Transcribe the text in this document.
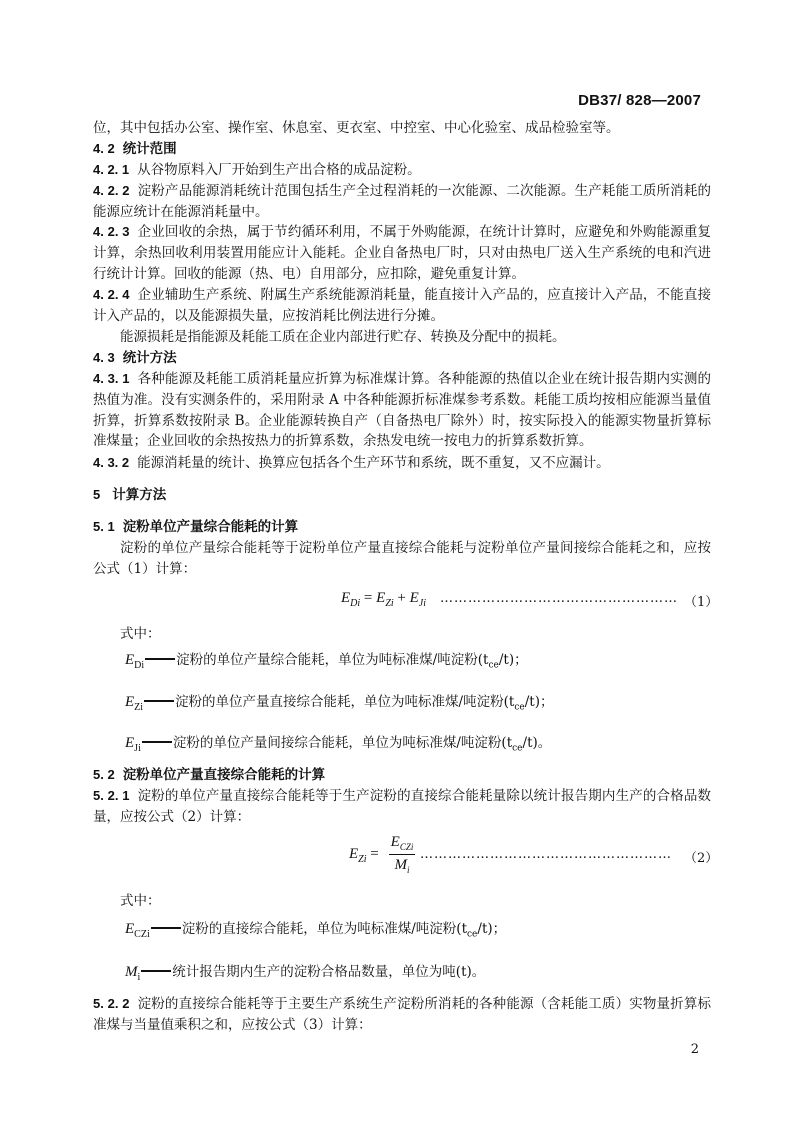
DB37/ 828—2007
位，其中包括办公室、操作室、休息室、更衣室、中控室、中心化验室、成品检验室等。
4. 2 统计范围
4. 2. 1 从谷物原料入厂开始到生产出合格的成品淀粉。
4. 2. 2 淀粉产品能源消耗统计范围包括生产全过程消耗的一次能源、二次能源。生产耗能工质所消耗的能源应统计在能源消耗量中。
4. 2. 3 企业回收的余热，属于节约循环利用，不属于外购能源，在统计计算时，应避免和外购能源重复计算，余热回收利用装置用能应计入能耗。企业自备热电厂时，只对由热电厂送入生产系统的电和汽进行统计计算。回收的能源（热、电）自用部分，应扣除，避免重复计算。
4. 2. 4 企业辅助生产系统、附属生产系统能源消耗量，能直接计入产品的，应直接计入产品，不能直接计入产品的，以及能源损失量，应按消耗比例法进行分摊。
能源损耗是指能源及耗能工质在企业内部进行贮存、转换及分配中的损耗。
4. 3 统计方法
4. 3. 1 各种能源及耗能工质消耗量应折算为标准煤计算。各种能源的热值以企业在统计报告期内实测的热值为准。没有实测条件的，采用附录 A 中各种能源折标准煤参考系数。耗能工质均按相应能源当量值折算，折算系数按附录 B。企业能源转换自产（自备热电厂除外）时，按实际投入的能源实物量折算标准煤量；企业回收的余热按热力的折算系数，余热发电统一按电力的折算系数折算。
4. 3. 2 能源消耗量的统计、换算应包括各个生产环节和系统，既不重复，又不应漏计。
5 计算方法
5. 1 淀粉单位产量综合能耗的计算
淀粉的单位产量综合能耗等于淀粉单位产量直接综合能耗与淀粉单位产量间接综合能耗之和，应按公式（1）计算：
$E_{Di} = E_{Zi} + E_{Ji}$ …………………………………………… （1）
式中：
$E_{Di}$ 淀粉的单位产量综合能耗，单位为吨标准煤/吨淀粉$(t_{ce}/t)$；
$E_{Zi}$ 淀粉的单位产量直接综合能耗，单位为吨标准煤/吨淀粉$(t_{ce}/t)$；
$E_{Ji}$ 淀粉的单位产量间接综合能耗，单位为吨标准煤/吨淀粉$(t_{ce}/t)$。
5. 2 淀粉单位产量直接综合能耗的计算
5. 2. 1 淀粉的单位产量直接综合能耗等于生产淀粉的直接综合能耗量除以统计报告期内生产的合格品数量，应按公式（2）计算：
$E_{Zi}$ =
$E_{CZi}$
$M_i$
……………………………………………… （2）
式中：
$E_{CZi}$ 淀粉的直接综合能耗，单位为吨标准煤/吨淀粉$(t_{ce}/t)$；
$M_i$ 统计报告期内生产的淀粉合格品数量，单位为吨(t)。
5. 2. 2 淀粉的直接综合能耗等于主要生产系统生产淀粉所消耗的各种能源（含耗能工质）实物量折算标准煤与当量值乘积之和，应按公式（3）计算：
2
